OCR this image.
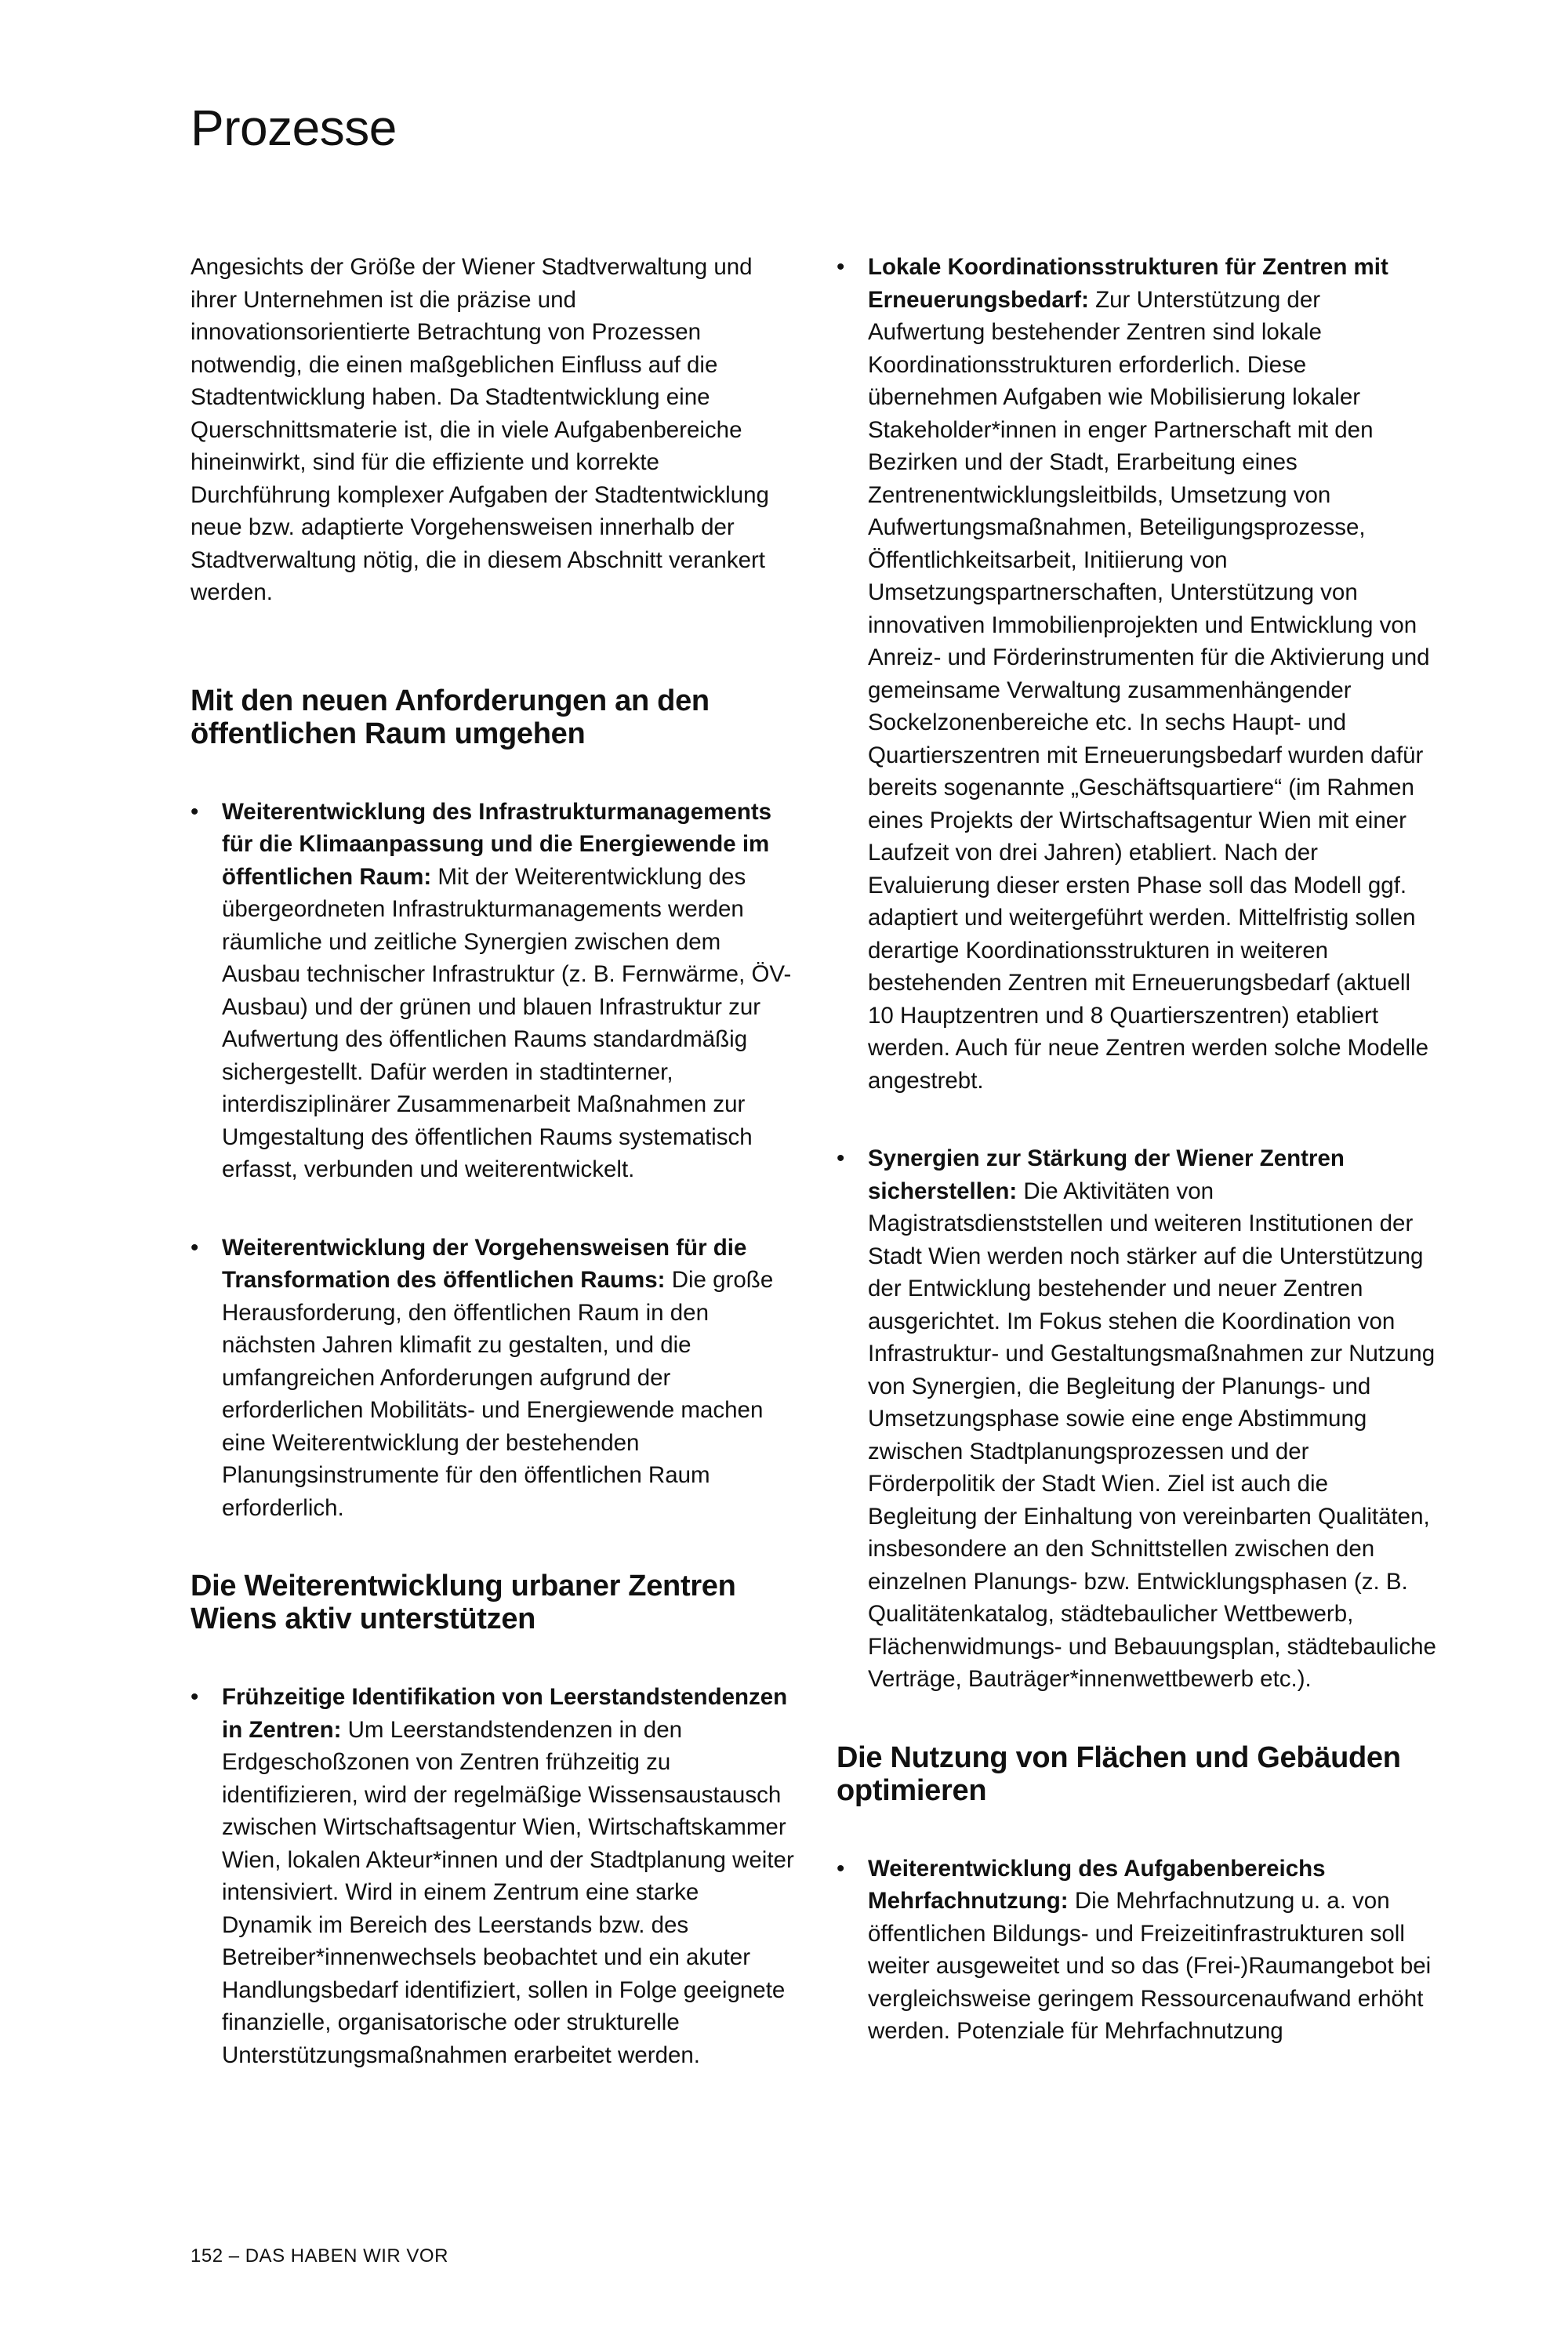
Prozesse

Angesichts der Größe der Wiener Stadtverwaltung und ihrer Unternehmen ist die präzise und innovationsorientierte Betrachtung von Prozessen notwendig, die einen maßgeblichen Einfluss auf die Stadtentwicklung haben. Da Stadtentwicklung eine Querschnittsmaterie ist, die in viele Aufgabenbereiche hineinwirkt, sind für die effiziente und korrekte Durchführung komplexer Aufgaben der Stadtentwicklung neue bzw. adaptierte Vorgehensweisen innerhalb der Stadtverwaltung nötig, die in diesem Abschnitt verankert werden.

Mit den neuen Anforderungen an den öffentlichen Raum umgehen
• Weiterentwicklung des Infrastrukturmanagements für die Klimaanpassung und die Energiewende im öffentlichen Raum: Mit der Weiterentwicklung des übergeordneten Infrastrukturmanagements werden räumliche und zeitliche Synergien zwischen dem Ausbau technischer Infrastruktur (z. B. Fernwärme, ÖV-Ausbau) und der grünen und blauen Infrastruktur zur Aufwertung des öffentlichen Raums standardmäßig sichergestellt. Dafür werden in stadtinterner, interdisziplinärer Zusammenarbeit Maßnahmen zur Umgestaltung des öffentlichen Raums systematisch erfasst, verbunden und weiterentwickelt.
• Weiterentwicklung der Vorgehensweisen für die Transformation des öffentlichen Raums: Die große Herausforderung, den öffentlichen Raum in den nächsten Jahren klimafit zu gestalten, und die umfangreichen Anforderungen aufgrund der erforderlichen Mobilitäts- und Energiewende machen eine Weiterentwicklung der bestehenden Planungsinstrumente für den öffentlichen Raum erforderlich.
Die Weiterentwicklung urbaner Zentren Wiens aktiv unterstützen
• Frühzeitige Identifikation von Leerstandstendenzen in Zentren: Um Leerstandstendenzen in den Erdgeschoßzonen von Zentren frühzeitig zu identifizieren, wird der regelmäßige Wissensaustausch zwischen Wirtschaftsagentur Wien, Wirtschaftskammer Wien, lokalen Akteur*innen und der Stadtplanung weiter intensiviert. Wird in einem Zentrum eine starke Dynamik im Bereich des Leerstands bzw. des Betreiber*innenwechsels beobachtet und ein akuter Handlungsbedarf identifiziert, sollen in Folge geeignete finanzielle, organisatorische oder strukturelle Unterstützungsmaßnahmen erarbeitet werden.
• Lokale Koordinationsstrukturen für Zentren mit Erneuerungsbedarf: Zur Unterstützung der Aufwertung bestehender Zentren sind lokale Koordinationsstrukturen erforderlich. Diese übernehmen Aufgaben wie Mobilisierung lokaler Stakeholder*innen in enger Partnerschaft mit den Bezirken und der Stadt, Erarbeitung eines Zentrenentwicklungsleitbilds, Umsetzung von Aufwertungsmaßnahmen, Beteiligungsprozesse, Öffentlichkeitsarbeit, Initiierung von Umsetzungspartnerschaften, Unterstützung von innovativen Immobilienprojekten und Entwicklung von Anreiz- und Förderinstrumenten für die Aktivierung und gemeinsame Verwaltung zusammenhängender Sockelzonenbereiche etc. In sechs Haupt- und Quartierszentren mit Erneuerungsbedarf wurden dafür bereits sogenannte „Geschäftsquartiere“ (im Rahmen eines Projekts der Wirtschaftsagentur Wien mit einer Laufzeit von drei Jahren) etabliert. Nach der Evaluierung dieser ersten Phase soll das Modell ggf. adaptiert und weitergeführt werden. Mittelfristig sollen derartige Koordinationsstrukturen in weiteren bestehenden Zentren mit Erneuerungsbedarf (aktuell 10 Hauptzentren und 8 Quartierszentren) etabliert werden. Auch für neue Zentren werden solche Modelle angestrebt.
• Synergien zur Stärkung der Wiener Zentren sicherstellen: Die Aktivitäten von Magistratsdienststellen und weiteren Institutionen der Stadt Wien werden noch stärker auf die Unterstützung der Entwicklung bestehender und neuer Zentren ausgerichtet. Im Fokus stehen die Koordination von Infrastruktur- und Gestaltungsmaßnahmen zur Nutzung von Synergien, die Begleitung der Planungs- und Umsetzungsphase sowie eine enge Abstimmung zwischen Stadtplanungsprozessen und der Förderpolitik der Stadt Wien. Ziel ist auch die Begleitung der Einhaltung von vereinbarten Qualitäten, insbesondere an den Schnittstellen zwischen den einzelnen Planungs- bzw. Entwicklungsphasen (z. B. Qualitätenkatalog, städtebaulicher Wettbewerb, Flächenwidmungs- und Bebauungsplan, städtebauliche Verträge, Bauträger*innenwettbewerb etc.).
Die Nutzung von Flächen und Gebäuden optimieren
• Weiterentwicklung des Aufgabenbereichs Mehrfachnutzung: Die Mehrfachnutzung u. a. von öffentlichen Bildungs- und Freizeitinfrastrukturen soll weiter ausgeweitet und so das (Frei-)Raumangebot bei vergleichsweise geringem Ressourcenaufwand erhöht werden. Potenziale für Mehrfachnutzung
152 – DAS HABEN WIR VOR
